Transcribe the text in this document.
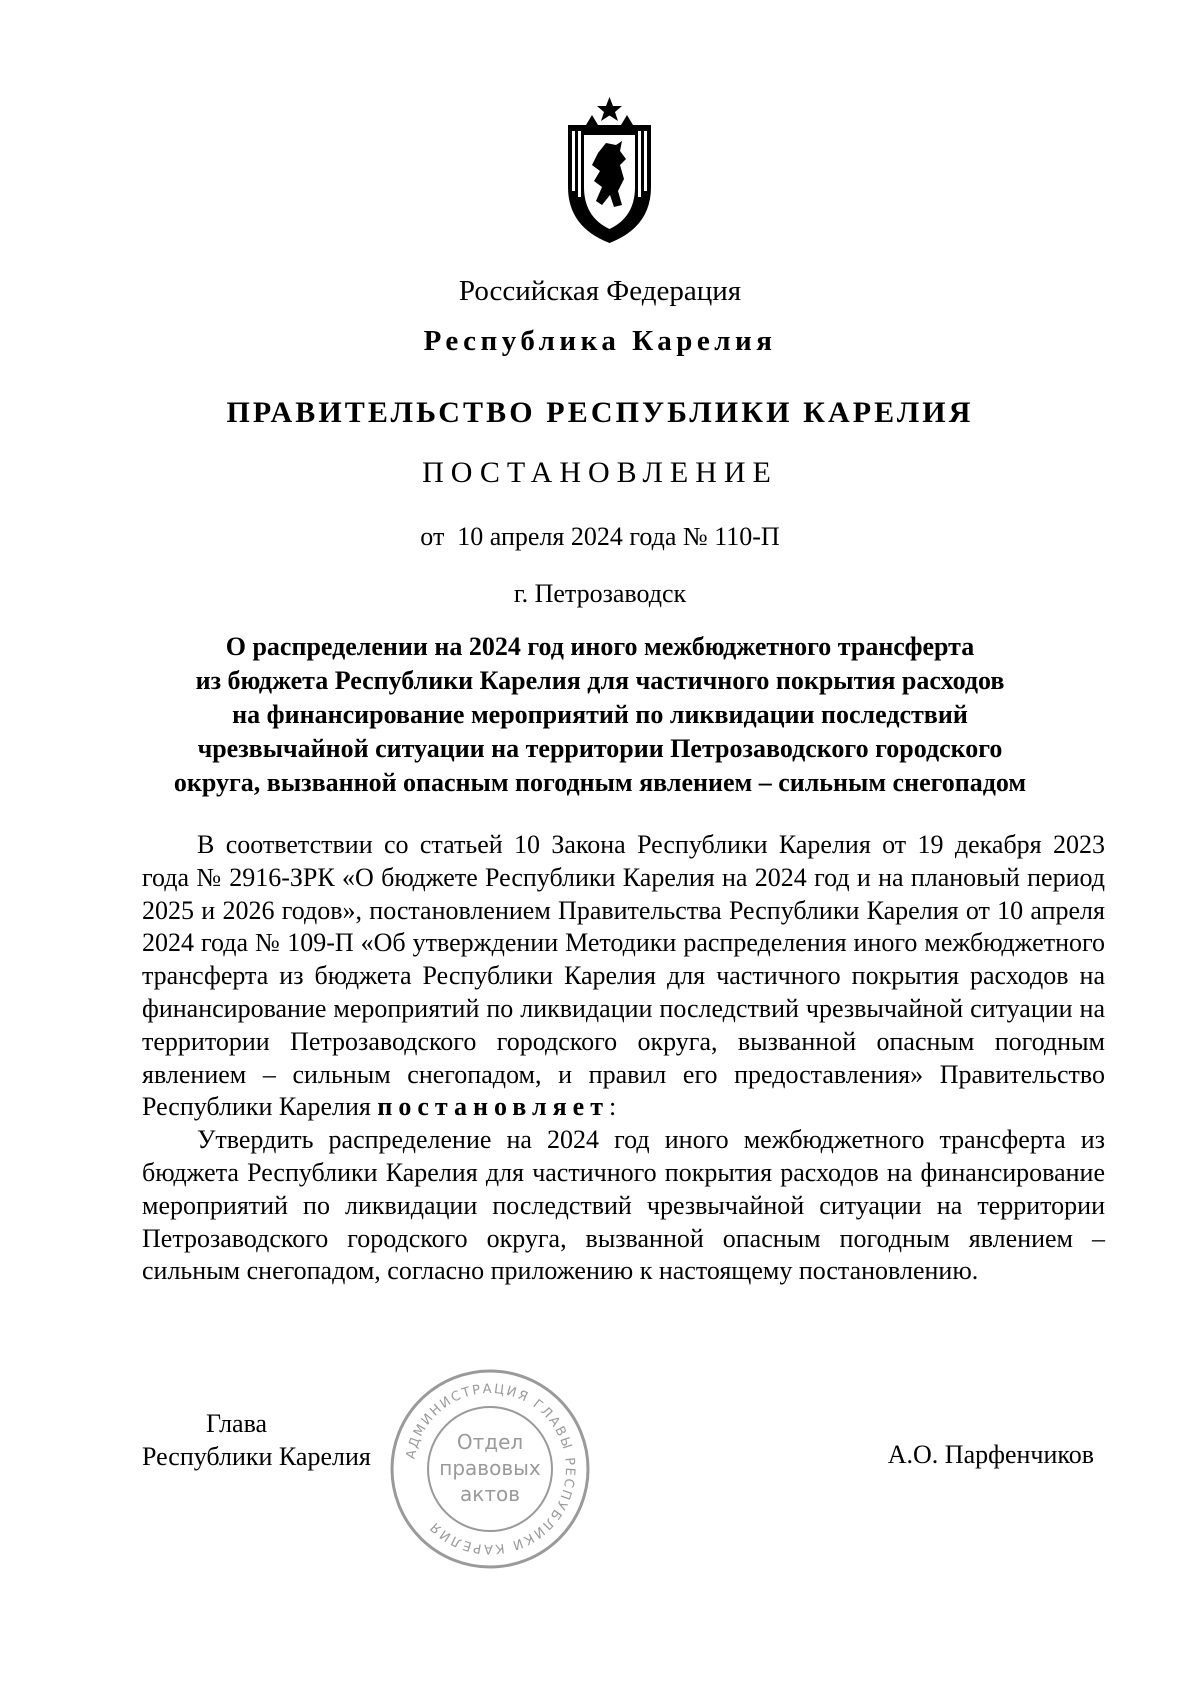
Российская Федерация
Республика Карелия
ПРАВИТЕЛЬСТВО РЕСПУБЛИКИ КАРЕЛИЯ
ПОСТАНОВЛЕНИЕ
от  10 апреля 2024 года № 110-П
г. Петрозаводск
О распределении на 2024 год иного межбюджетного трансферта
из бюджета Республики Карелия для частичного покрытия расходов
на финансирование мероприятий по ликвидации последствий
чрезвычайной ситуации на территории Петрозаводского городского
округа, вызванной опасным погодным явлением – сильным снегопадом

В соответствии со статьей 10 Закона Республики Карелия от 19 декабря 2023 года № 2916-ЗРК «О бюджете Республики Карелия на 2024 год и на плановый период 2025 и 2026 годов», постановлением Правительства Республики Карелия от 10 апреля 2024 года № 109-П «Об утверждении Методики распределения иного межбюджетного трансферта из бюджета Республики Карелия для частичного покрытия расходов на финансирование мероприятий по ликвидации последствий чрезвычайной ситуации на территории Петрозаводского городского округа, вызванной опасным погодным явлением – сильным снегопадом, и правил его предоставления» Правительство Республики Карелия постановляет:

Утвердить распределение на 2024 год иного межбюджетного трансферта из бюджета Республики Карелия для частичного покрытия расходов на финансирование мероприятий по ликвидации последствий чрезвычайной ситуации на территории Петрозаводского городского округа, вызванной опасным погодным явлением – сильным снегопадом, согласно приложению к настоящему постановлению.

Глава
Республики Карелия	А.О. Парфенчиков
АДМИНИСТРАЦИЯ ГЛАВЫ РЕСПУБЛИКИ КАРЕЛИЯ
Отдел
правовых
актов
